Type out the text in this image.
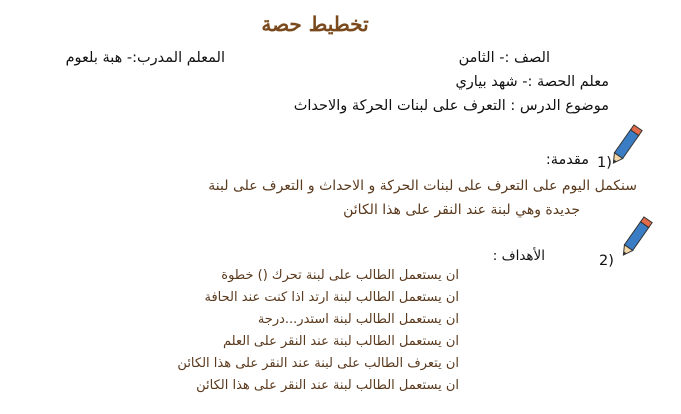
تخطيط حصة
الصف :- الثامن
المعلم المدرب:- هبة بلعوم
معلم الحصة :- شهد بياري
موضوع الدرس : التعرف على لبنات الحركة والاحداث
1)
مقدمة:
سنكمل اليوم على التعرف على لبنات الحركة و الاحداث و التعرف على لبنة
جديدة وهي لبنة عند النقر على هذا الكائن
2)
الأهداف :
ان يستعمل الطالب على لبنة تحرك () خطوة
ان يستعمل الطالب لبنة ارتد اذا كنت عند الحافة
ان يستعمل الطالب لبنة استدر...درجة
ان يستعمل الطالب لبنة عند النقر على العلم
ان يتعرف الطالب على لبنة عند النقر على هذا الكائن
ان يستعمل الطالب لبنة عند النقر على هذا الكائن
